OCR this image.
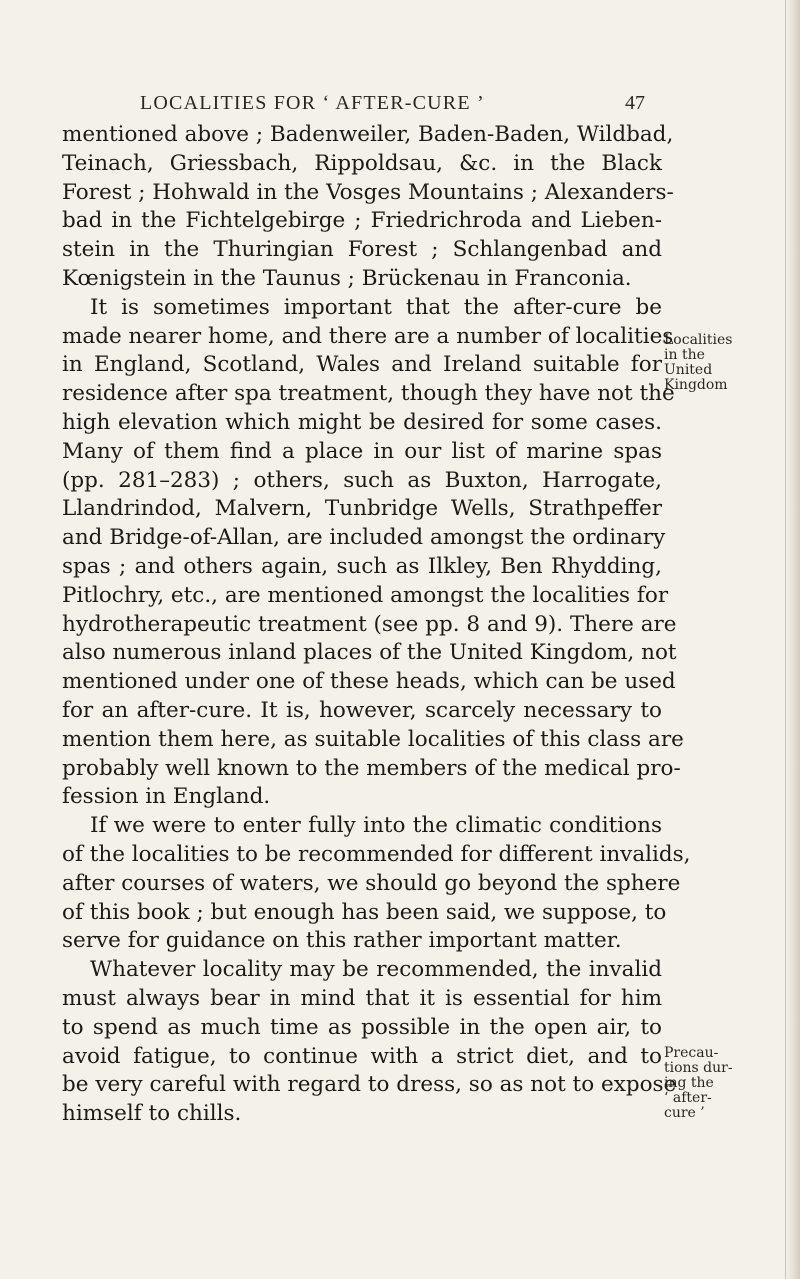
LOCALITIES FOR ‘ AFTER-CURE ’	47
mentioned above ; Badenweiler, Baden-Baden, Wildbad,
Teinach, Griessbach, Rippoldsau, &c. in the Black
Forest ; Hohwald in the Vosges Mountains ; Alexanders-
bad in the Fichtelgebirge ; Friedrichroda and Lieben-
stein in the Thuringian Forest ; Schlangenbad and
Kœnigstein in the Taunus ; Brückenau in Franconia.
It is sometimes important that the after-cure be
made nearer home, and there are a number of localities
in England, Scotland, Wales and Ireland suitable for
residence after spa treatment, though they have not the
high elevation which might be desired for some cases.
Many of them find a place in our list of marine spas
(pp. 281–283) ; others, such as Buxton, Harrogate,
Llandrindod, Malvern, Tunbridge Wells, Strathpeffer
and Bridge-of-Allan, are included amongst the ordinary
spas ; and others again, such as Ilkley, Ben Rhydding,
Pitlochry, etc., are mentioned amongst the localities for
hydrotherapeutic treatment (see pp. 8 and 9). There are
also numerous inland places of the United Kingdom, not
mentioned under one of these heads, which can be used
for an after-cure. It is, however, scarcely necessary to
mention them here, as suitable localities of this class are
probably well known to the members of the medical pro-
fession in England.
If we were to enter fully into the climatic conditions
of the localities to be recommended for different invalids,
after courses of waters, we should go beyond the sphere
of this book ; but enough has been said, we suppose, to
serve for guidance on this rather important matter.
Whatever locality may be recommended, the invalid
must always bear in mind that it is essential for him
to spend as much time as possible in the open air, to
avoid fatigue, to continue with a strict diet, and to
be very careful with regard to dress, so as not to expose
himself to chills.
Localities
in the
United
Kingdom
Precau-
tions dur-
ing the
‘ after-
cure ’
